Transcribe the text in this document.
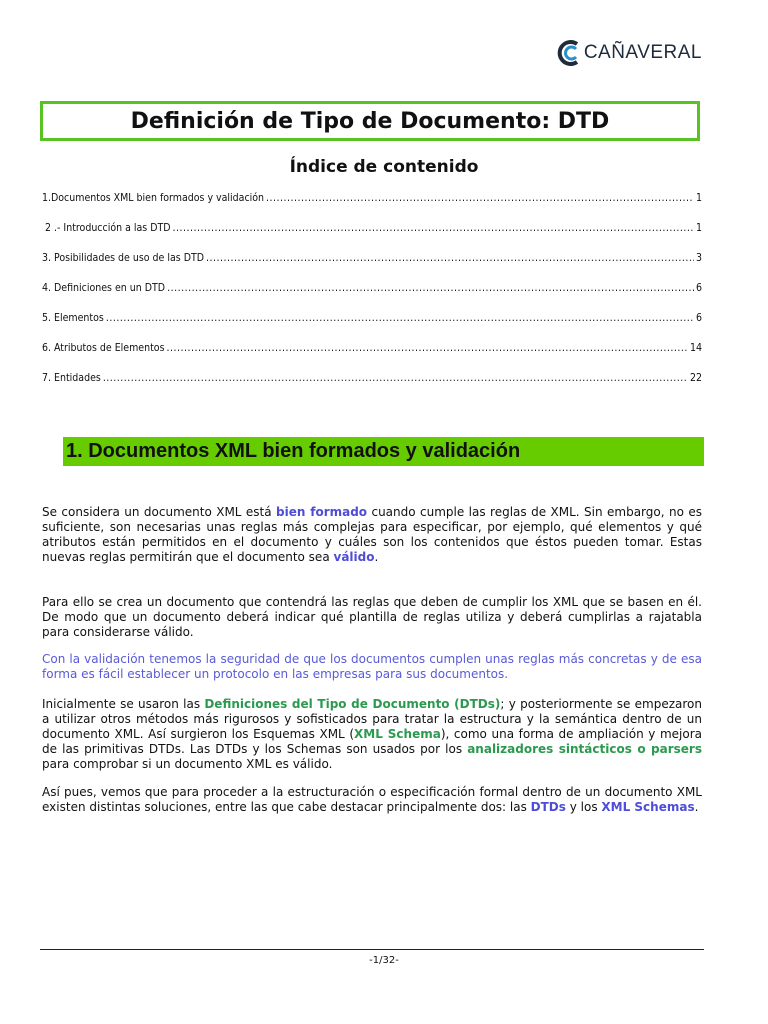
CAÑAVERAL
Definición de Tipo de Documento: DTD
Índice de contenido
1.Documentos XML bien formados y validación .....	1
2 .- Introducción a las DTD .....	1
3. Posibilidades de uso de las DTD .....	3
4. Definiciones en un DTD .....	6
5. Elementos .....	6
6. Atributos de Elementos .....	14
7. Entidades .....	22
1. Documentos XML bien formados y validación

Se considera un documento XML está bien formado cuando cumple las reglas de XML. Sin embargo, no es suficiente, son necesarias unas reglas más complejas para especificar, por ejemplo, qué elementos y qué atributos están permitidos en el documento y cuáles son los contenidos que éstos pueden tomar. Estas nuevas reglas permitirán que el documento sea válido.

Para ello se crea un documento que contendrá las reglas que deben de cumplir los XML que se basen en él. De modo que un documento deberá indicar qué plantilla de reglas utiliza y deberá cumplirlas a rajatabla para considerarse válido.

Con la validación tenemos la seguridad de que los documentos cumplen unas reglas más concretas y de esa forma es fácil establecer un protocolo en las empresas para sus documentos.

Inicialmente se usaron las Definiciones del Tipo de Documento (DTDs); y posteriormente se empezaron a utilizar otros métodos más rigurosos y sofisticados para tratar la estructura y la semántica dentro de un documento XML. Así surgieron los Esquemas XML (XML Schema), como una forma de ampliación y mejora de las primitivas DTDs. Las DTDs y los Schemas son usados por los analizadores sintácticos o parsers para comprobar si un documento XML es válido.

Así pues, vemos que para proceder a la estructuración o especificación formal dentro de un documento XML existen distintas soluciones, entre las que cabe destacar principalmente dos: las DTDs y los XML Schemas.

-1/32-
